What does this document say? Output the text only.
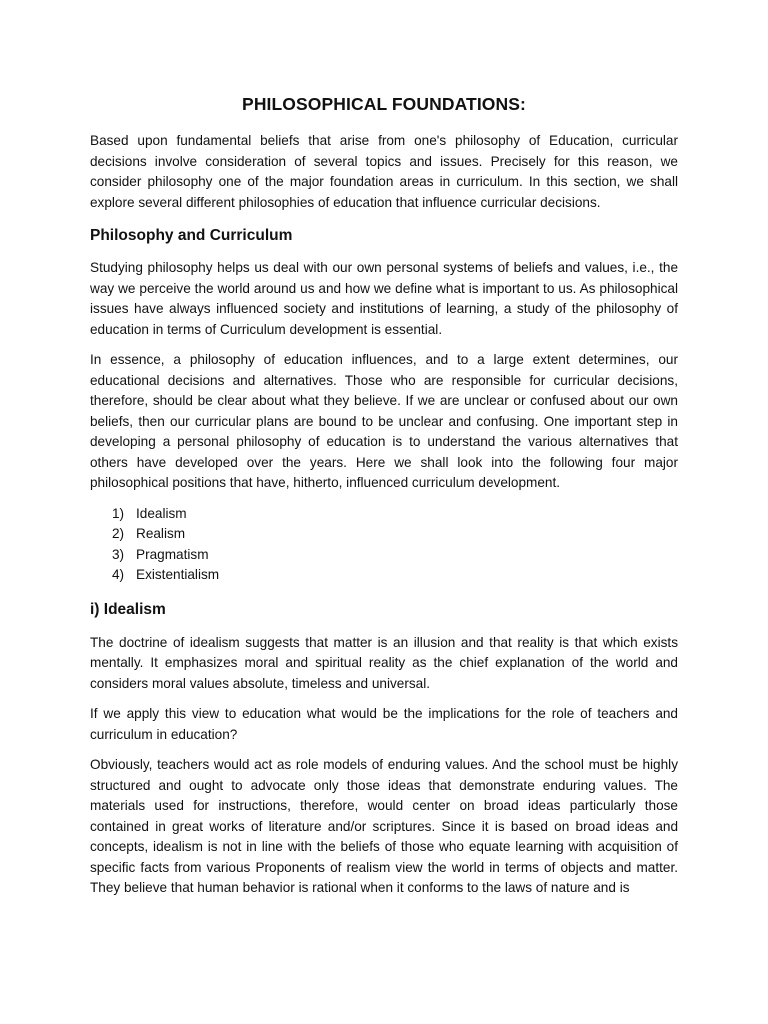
PHILOSOPHICAL FOUNDATIONS:

Based upon fundamental beliefs that arise from one's philosophy of Education, curricular decisions involve consideration of several topics and issues. Precisely for this reason, we consider philosophy one of the major foundation areas in curriculum. In this section, we shall explore several different philosophies of education that influence curricular decisions.

Philosophy and Curriculum

Studying philosophy helps us deal with our own personal systems of beliefs and values, i.e., the way we perceive the world around us and how we define what is important to us. As philosophical issues have always influenced society and institutions of learning, a study of the philosophy of education in terms of Curriculum development is essential.

In essence, a philosophy of education influences, and to a large extent determines, our educational decisions and alternatives. Those who are responsible for curricular decisions, therefore, should be clear about what they believe. If we are unclear or confused about our own beliefs, then our curricular plans are bound to be unclear and confusing. One important step in developing a personal philosophy of education is to understand the various alternatives that others have developed over the years. Here we shall look into the following four major philosophical positions that have, hitherto, influenced curriculum development.

1) Idealism
2) Realism
3) Pragmatism
4) Existentialism
i) Idealism

The doctrine of idealism suggests that matter is an illusion and that reality is that which exists mentally. It emphasizes moral and spiritual reality as the chief explanation of the world and considers moral values absolute, timeless and universal.

If we apply this view to education what would be the implications for the role of teachers and curriculum in education?

Obviously, teachers would act as role models of enduring values. And the school must be highly structured and ought to advocate only those ideas that demonstrate enduring values. The materials used for instructions, therefore, would center on broad ideas particularly those contained in great works of literature and/or scriptures. Since it is based on broad ideas and concepts, idealism is not in line with the beliefs of those who equate learning with acquisition of specific facts from various Proponents of realism view the world in terms of objects and matter. They believe that human behavior is rational when it conforms to the laws of nature and is
